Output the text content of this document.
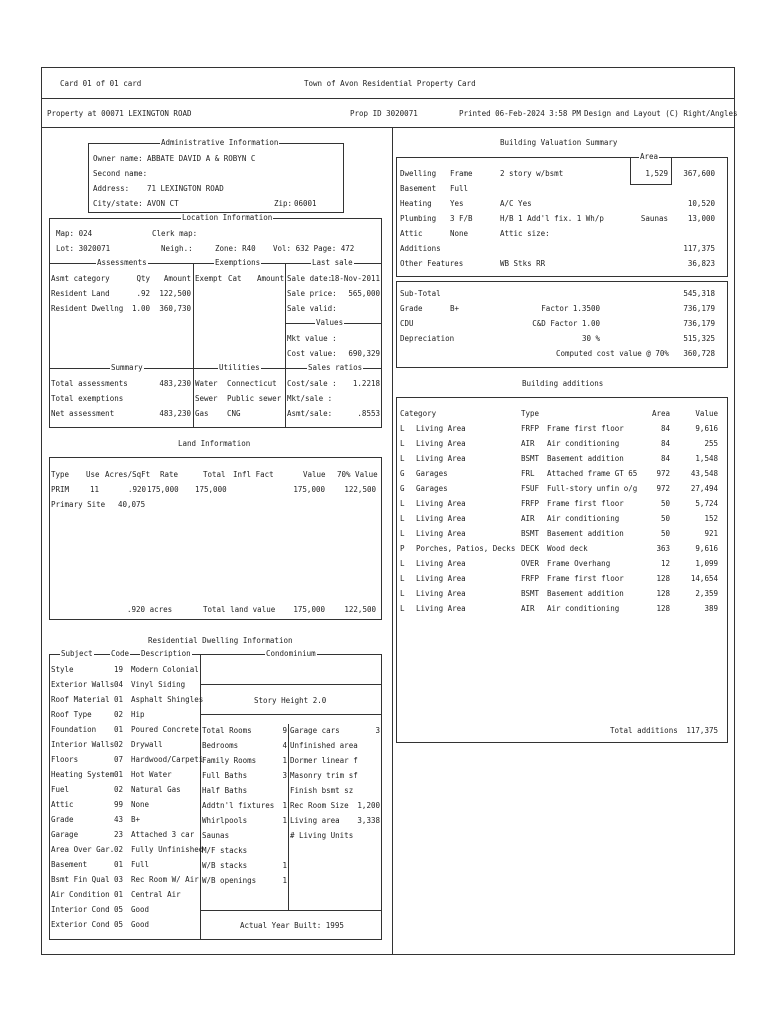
Card 01 of 01 card	Town of Avon Residential Property Card
Property at 00071 LEXINGTON ROAD	Prop ID 3020071	Printed 06-Feb-2024 3:58 PM Design and Layout (C) Right/Angles
Administrative Information
Owner name: ABBATE DAVID A & ROBYN C
Second name:
Address: 71 LEXINGTON ROAD
City/state: AVON CT	Zip: 06001
Location Information
Map: 024	Clerk map:
Lot: 3020071	Neigh.:	Zone: R40 Vol: 632 Page: 472
Assessments	Exemptions	Last sale
Asmt category	Qty	Amount
Resident Land	.92	122,500
Resident Dwellng	1.00	360,730
Exempt Cat Amount Sale date:
18-Nov-2011
Sale price:	565,000
Sale valid:
Values
Mkt value :
Cost value:	690,329
Summary	Utilities	Sales ratios
Total assessments	483,230
Total exemptions
Net assessment	483,230
Water Connecticut
Sewer Public sewer
Gas CNG
Cost/sale :	1.2218
Mkt/sale :
Asmt/sale:	.8553
Land Information
Type Use Acres/SqFt Rate	Total Infl Fact	Value 70% Value
PRIM	11	.920 175,000 175,000	175,000	122,500
Primary Site 40,075
.920 acres	Total land value	175,000	122,500
Residential Dwelling Information
Subject Code Description	Condominium
Story Height 2.0
Style	19 Modern Colonial
Exterior Walls 04 Vinyl Siding
Roof Material 01 Asphalt Shingles
Roof Type	02 Hip
Foundation 01 Poured Concrete
Interior Walls 02 Drywall
Floors	07 Hardwood/Carpeti
Heating System 01 Hot Water
Fuel	02 Natural Gas
Attic	99 None
Grade	43 B+
Garage	23 Attached 3 car
Area Over Gar. 02 Fully Unfinished
Basement	01 Full
Bsmt Fin Qual 03 Rec Room W/ Air
Air Condition 01 Central Air
Interior Cond 05 Good
Exterior Cond 05 Good
Total Rooms	9
Bedrooms	4
Family Rooms	1
Full Baths	3
Half Baths
Addtn'l fixtures	1
Whirlpools	1
Saunas
M/F stacks
W/B stacks	1
W/B openings	1
Garage cars	3
Unfinished area
Dormer linear f
Masonry trim sf
Finish bsmt sz
Rec Room Size	1,200
Living area	3,338
# Living Units
Actual Year Built: 1995
Building Valuation Summary
Area
Dwelling Frame	2 story w/bsmt	1,529	367,600
Basement Full
Heating Yes	A/C Yes	10,520
Plumbing 3 F/B	H/B 1 Add'l fix. 1 Wh/p	Saunas	13,000
Attic	None	Attic size:
Additions	117,375
Other Features	WB Stks RR	36,823
Sub-Total	545,318
Grade	B+	Factor 1.3500	736,179
CDU	C&D Factor 1.00	736,179
Depreciation	30 %	515,325
Computed cost value @ 70%	360,728
Building additions
Category	Type	Area	Value
L Living Area	FRFP Frame first floor	84	9,616
L Living Area	AIR Air conditioning	84	255
L Living Area	BSMT Basement addition	84	1,548
G Garages	FRL Attached frame GT 65	972	43,548
G Garages	FSUF Full-story unfin o/g	972	27,494
L Living Area	FRFP Frame first floor	50	5,724
L Living Area	AIR Air conditioning	50	152
L Living Area	BSMT Basement addition	50	921
P Porches, Patios, Decks DECK Wood deck	363	9,616
L Living Area	OVER Frame Overhang	12	1,099
L Living Area	FRFP Frame first floor	128	14,654
L Living Area	BSMT Basement addition	128	2,359
L Living Area	AIR Air conditioning	128	389
Total additions	117,375
